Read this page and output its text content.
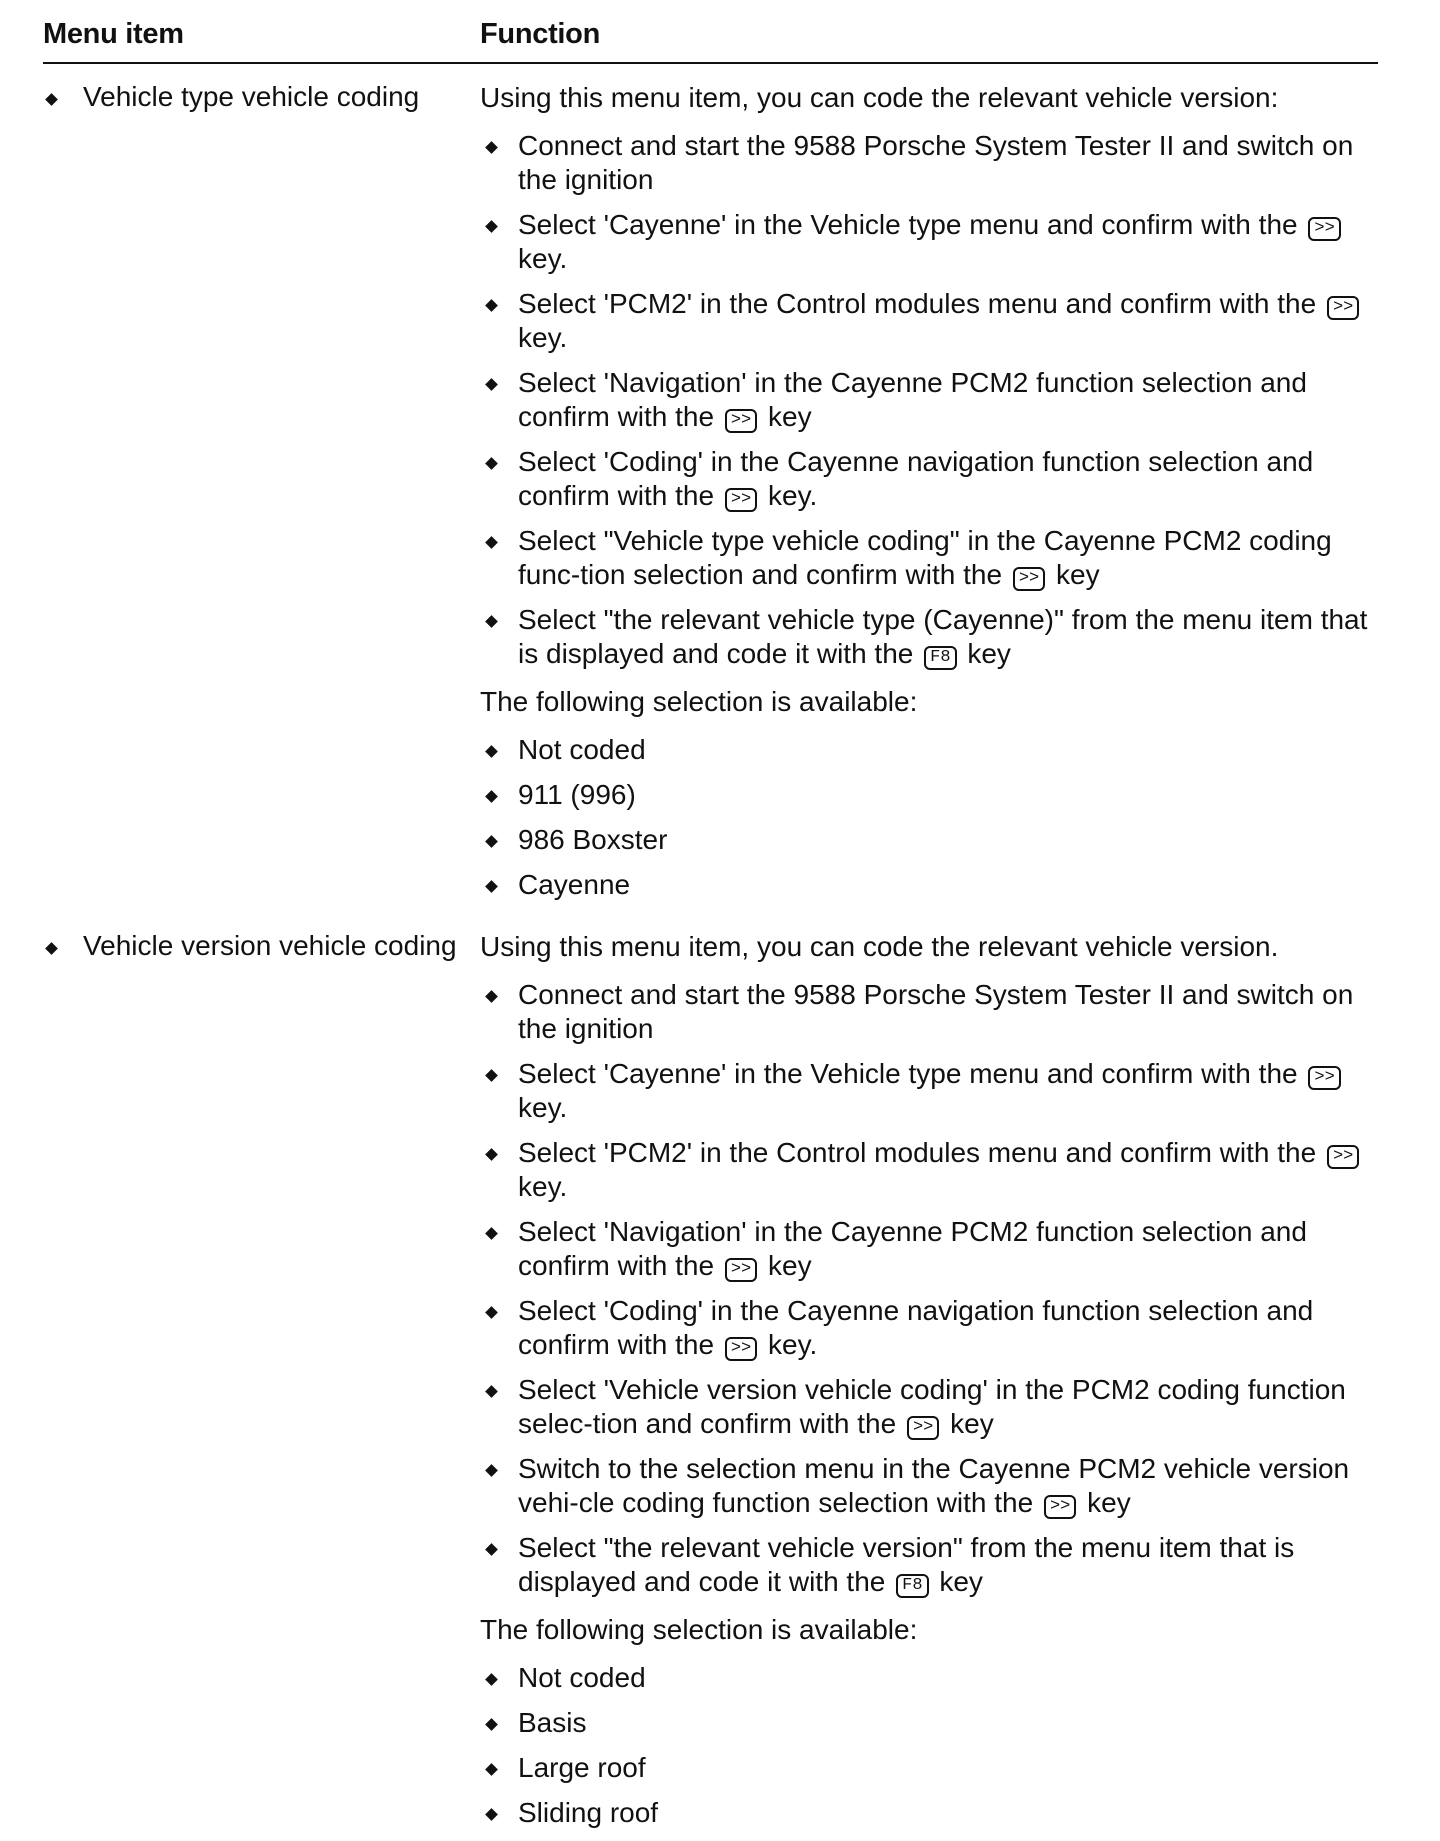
Menu item	Function
Vehicle type vehicle coding Using this menu item, you can code the relevant vehicle version:

Connect and start the 9588 Porsche System Tester II and switch on the ignition
Select 'Cayenne' in the Vehicle type menu and confirm with the >> key.
Select 'PCM2' in the Control modules menu and confirm with the >> key.
Select 'Navigation' in the Cayenne PCM2 function selection and confirm with the >> key
Select 'Coding' in the Cayenne navigation function selection and confirm with the >> key.
Select "Vehicle type vehicle coding" in the Cayenne PCM2 coding func-tion selection and confirm with the >> key
Select "the relevant vehicle type (Cayenne)" from the menu item that is displayed and code it with the F8 key

The following selection is available:

Not coded
911 (996)
986 Boxster
Cayenne
Vehicle version vehicle coding Using this menu item, you can code the relevant vehicle version.

Connect and start the 9588 Porsche System Tester II and switch on the ignition
Select 'Cayenne' in the Vehicle type menu and confirm with the >> key.
Select 'PCM2' in the Control modules menu and confirm with the >> key.
Select 'Navigation' in the Cayenne PCM2 function selection and confirm with the >> key
Select 'Coding' in the Cayenne navigation function selection and confirm with the >> key.
Select 'Vehicle version vehicle coding' in the PCM2 coding function selec-tion and confirm with the >> key
Switch to the selection menu in the Cayenne PCM2 vehicle version vehi-cle coding function selection with the >> key
Select "the relevant vehicle version" from the menu item that is displayed and code it with the F8 key

The following selection is available:

Not coded
Basis
Large roof
Sliding roof
